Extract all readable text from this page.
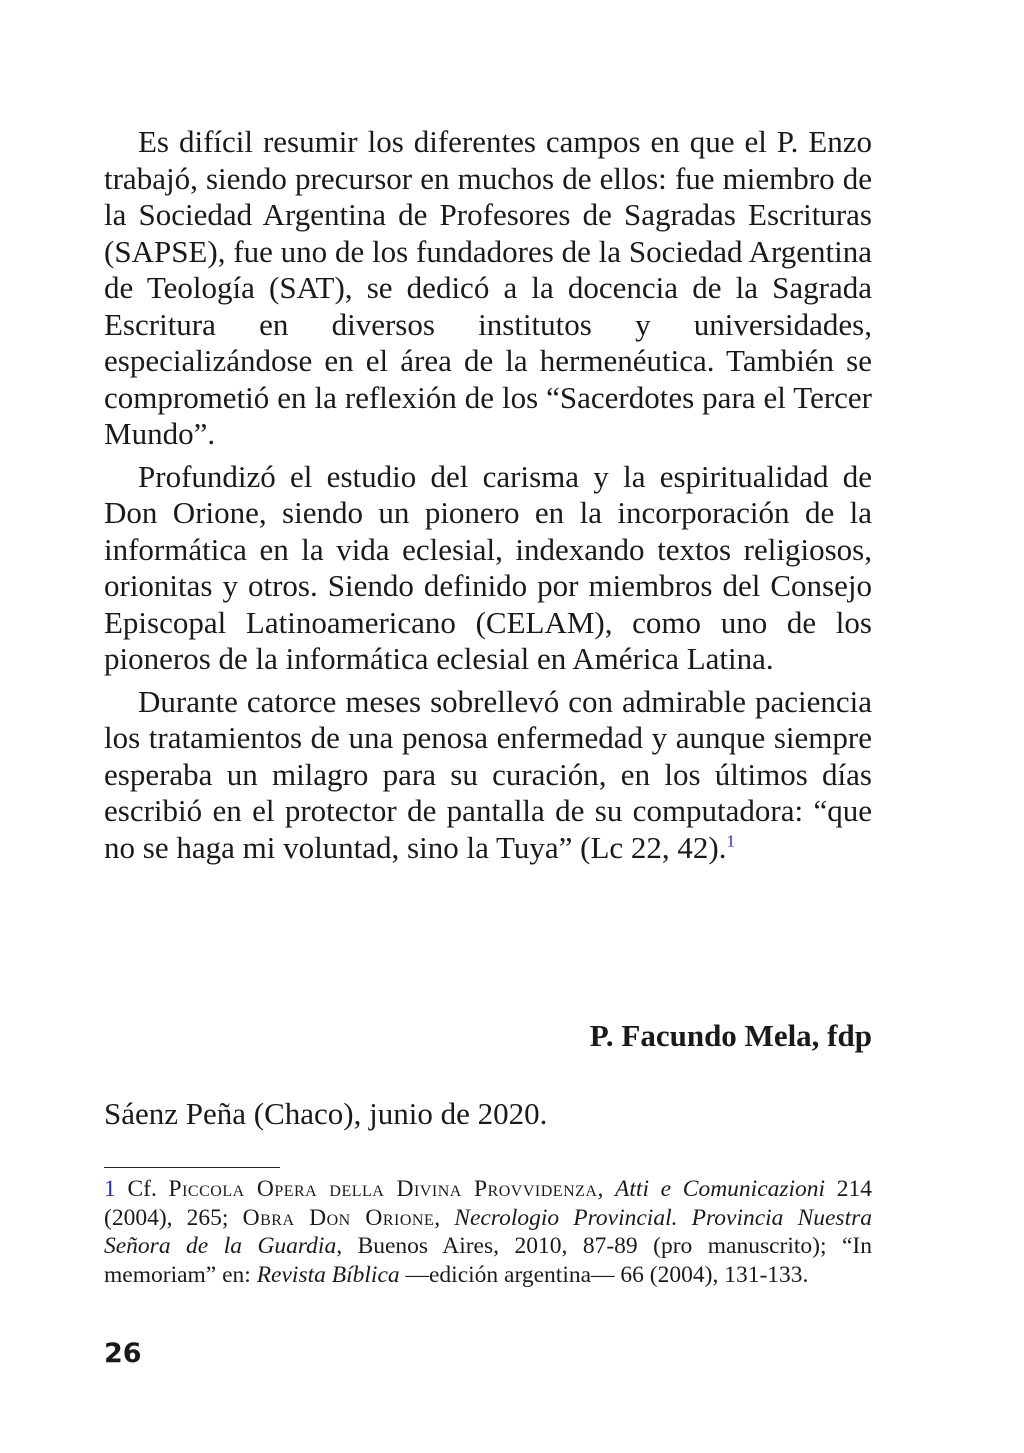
Es difícil resumir los diferentes campos en que el P. Enzo trabajó, siendo precursor en muchos de ellos: fue miembro de la Sociedad Argentina de Profesores de Sagradas Escrituras (SAPSE), fue uno de los fundadores de la Sociedad Argentina de Teología (SAT), se dedicó a la docencia de la Sagrada Escritura en diversos institutos y universidades, especializándose en el área de la hermenéutica. También se comprometió en la reflexión de los “Sacerdotes para el Tercer Mundo”.

Profundizó el estudio del carisma y la espiritualidad de Don Orione, siendo un pionero en la incorporación de la informática en la vida eclesial, indexando textos religiosos, orionitas y otros. Siendo definido por miembros del Consejo Episcopal Latinoamericano (CELAM), como uno de los pioneros de la informática eclesial en América Latina.

Durante catorce meses sobrellevó con admirable paciencia los tratamientos de una penosa enfermedad y aunque siempre esperaba un milagro para su curación, en los últimos días escribió en el protector de pantalla de su computadora: “que no se haga mi voluntad, sino la Tuya” (Lc 22, 42).$^1$

P. Facundo Mela, fdp

Sáenz Peña (Chaco), junio de 2020.

1 Cf. Piccola Opera della Divina Provvidenza, Atti e Comunicazioni 214 (2004), 265; Obra Don Orione, Necrologio Provincial. Provincia Nuestra Señora de la Guardia, Buenos Aires, 2010, 87-89 (pro manuscrito); “In memoriam” en: Revista Bíblica —edición argentina— 66 (2004), 131-133.

26
